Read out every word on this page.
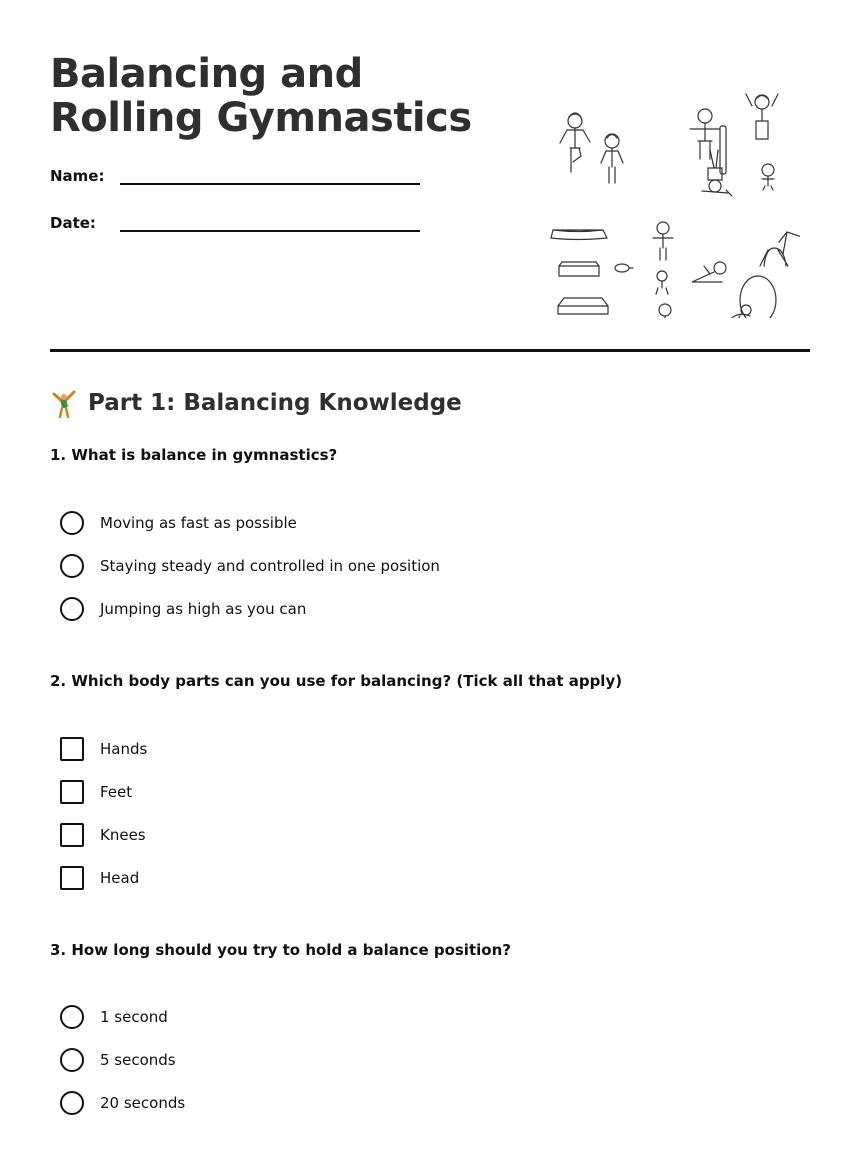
Balancing and Rolling Gymnastics
Name:
Date:
Part 1: Balancing Knowledge

1. What is balance in gymnastics?

Moving as fast as possible
Staying steady and controlled in one position
Jumping as high as you can

2. Which body parts can you use for balancing? (Tick all that apply)

Hands
Feet
Knees
Head

3. How long should you try to hold a balance position?

1 second
5 seconds
20 seconds
